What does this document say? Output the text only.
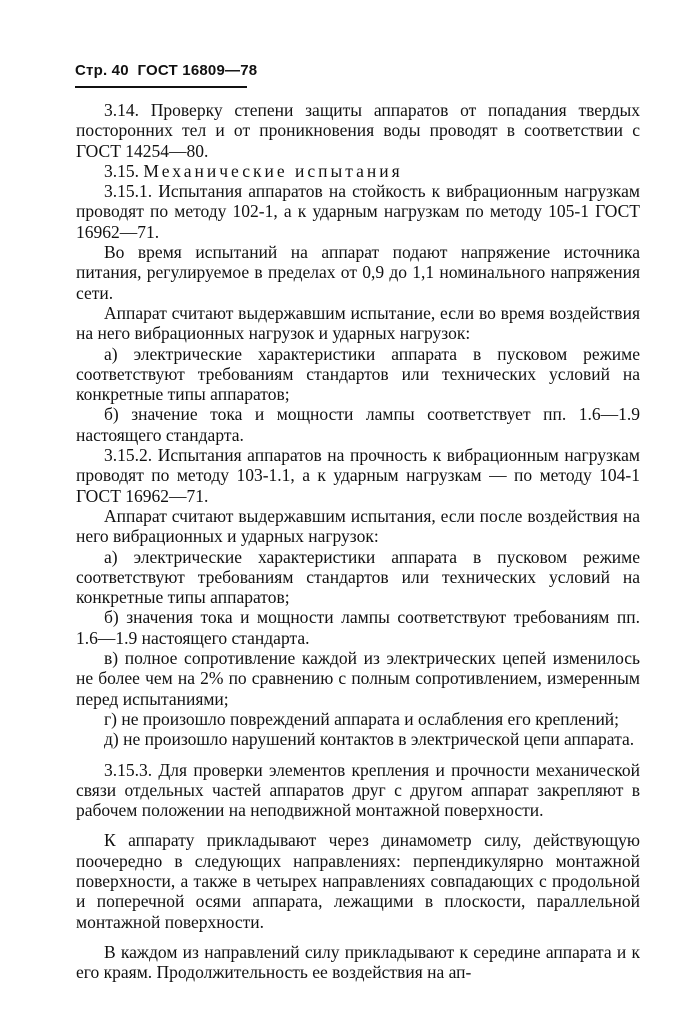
Стр. 40 ГОСТ 16809—78

3.14. Проверку степени защиты аппаратов от попадания твердых посторонних тел и от проникновения воды проводят в соответствии с ГОСТ 14254—80.

3.15. Механические испытания

3.15.1. Испытания аппаратов на стойкость к вибрационным нагрузкам проводят по методу 102-1, а к ударным нагрузкам по методу 105-1 ГОСТ 16962—71.

Во время испытаний на аппарат подают напряжение источника питания, регулируемое в пределах от 0,9 до 1,1 номинального напряжения сети.

Аппарат считают выдержавшим испытание, если во время воздействия на него вибрационных нагрузок и ударных нагрузок:

а) электрические характеристики аппарата в пусковом режиме соответствуют требованиям стандартов или технических условий на конкретные типы аппаратов;

б) значение тока и мощности лампы соответствует пп. 1.6—1.9 настоящего стандарта.

3.15.2. Испытания аппаратов на прочность к вибрационным нагрузкам проводят по методу 103-1.1, а к ударным нагрузкам — по методу 104-1 ГОСТ 16962—71.

Аппарат считают выдержавшим испытания, если после воздействия на него вибрационных и ударных нагрузок:

а) электрические характеристики аппарата в пусковом режиме соответствуют требованиям стандартов или технических условий на конкретные типы аппаратов;

б) значения тока и мощности лампы соответствуют требованиям пп. 1.6—1.9 настоящего стандарта.

в) полное сопротивление каждой из электрических цепей изменилось не более чем на 2% по сравнению с полным сопротивлением, измеренным перед испытаниями;

г) не произошло повреждений аппарата и ослабления его креплений;

д) не произошло нарушений контактов в электрической цепи аппарата.

3.15.3. Для проверки элементов крепления и прочности механической связи отдельных частей аппаратов друг с другом аппарат закрепляют в рабочем положении на неподвижной монтажной поверхности.

К аппарату прикладывают через динамометр силу, действующую поочередно в следующих направлениях: перпендикулярно монтажной поверхности, а также в четырех направлениях совпадающих с продольной и поперечной осями аппарата, лежащими в плоскости, параллельной монтажной поверхности.

В каждом из направлений силу прикладывают к середине аппарата и к его краям. Продолжительность ее воздействия на ап-
